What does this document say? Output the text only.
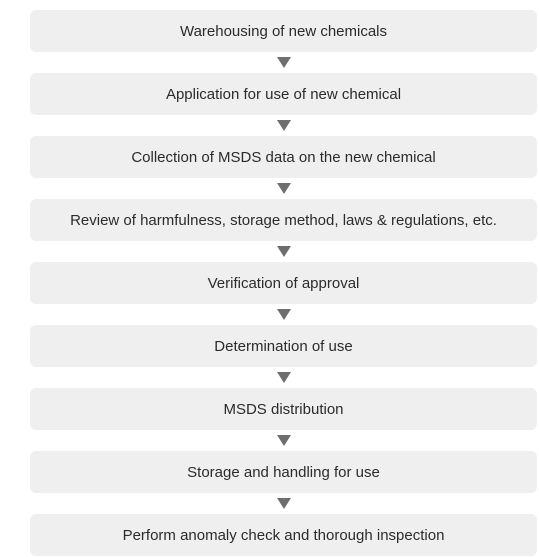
Warehousing of new chemicals
Application for use of new chemical
Collection of MSDS data on the new chemical
Review of harmfulness, storage method, laws & regulations, etc.
Verification of approval
Determination of use
MSDS distribution
Storage and handling for use
Perform anomaly check and thorough inspection
